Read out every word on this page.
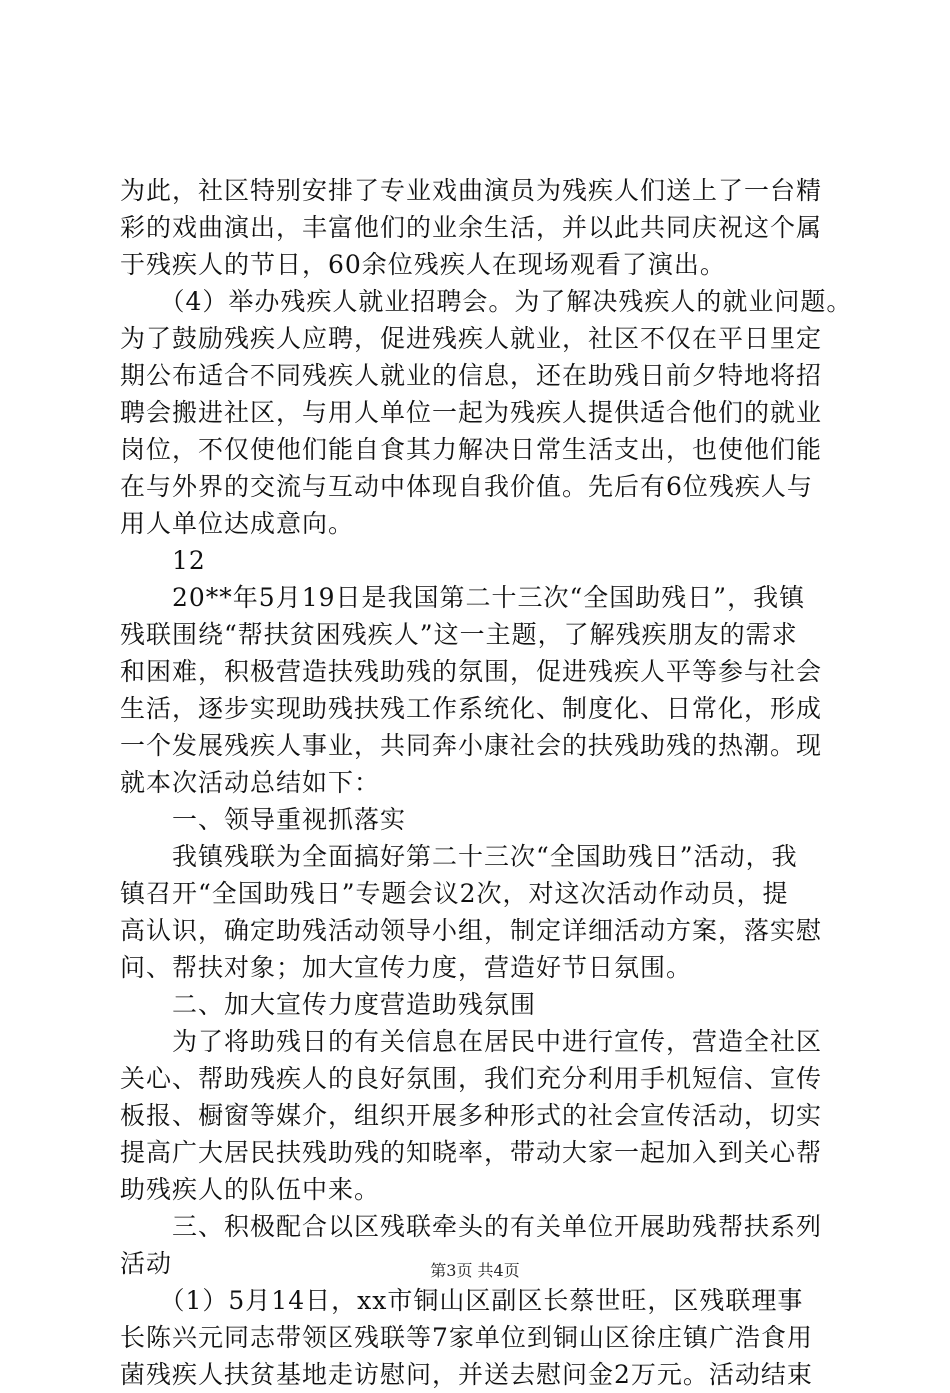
为此，社区特别安排了专业戏曲演员为残疾人们送上了一台精
彩的戏曲演出，丰富他们的业余生活，并以此共同庆祝这个属
于残疾人的节日，60余位残疾人在现场观看了演出。
　　（4）举办残疾人就业招聘会。为了解决残疾人的就业问题。
为了鼓励残疾人应聘，促进残疾人就业，社区不仅在平日里定
期公布适合不同残疾人就业的信息，还在助残日前夕特地将招
聘会搬进社区，与用人单位一起为残疾人提供适合他们的就业
岗位，不仅使他们能自食其力解决日常生活支出，也使他们能
在与外界的交流与互动中体现自我价值。先后有6位残疾人与
用人单位达成意向。
　　12
　　20**年5月19日是我国第二十三次“全国助残日”，我镇
残联围绕“帮扶贫困残疾人”这一主题，了解残疾朋友的需求
和困难，积极营造扶残助残的氛围，促进残疾人平等参与社会
生活，逐步实现助残扶残工作系统化、制度化、日常化，形成
一个发展残疾人事业，共同奔小康社会的扶残助残的热潮。现
就本次活动总结如下：
　　一、领导重视抓落实
　　我镇残联为全面搞好第二十三次“全国助残日”活动，我
镇召开“全国助残日”专题会议2次，对这次活动作动员，提
高认识，确定助残活动领导小组，制定详细活动方案，落实慰
问、帮扶对象；加大宣传力度，营造好节日氛围。
　　二、加大宣传力度营造助残氛围
　　为了将助残日的有关信息在居民中进行宣传，营造全社区
关心、帮助残疾人的良好氛围，我们充分利用手机短信、宣传
板报、橱窗等媒介，组织开展多种形式的社会宣传活动，切实
提高广大居民扶残助残的知晓率，带动大家一起加入到关心帮
助残疾人的队伍中来。
　　三、积极配合以区残联牵头的有关单位开展助残帮扶系列
活动
　　（1）5月14日，xx市铜山区副区长蔡世旺，区残联理事
长陈兴元同志带领区残联等7家单位到铜山区徐庄镇广浩食用
菌残疾人扶贫基地走访慰问，并送去慰问金2万元。活动结束
第3页 共4页
